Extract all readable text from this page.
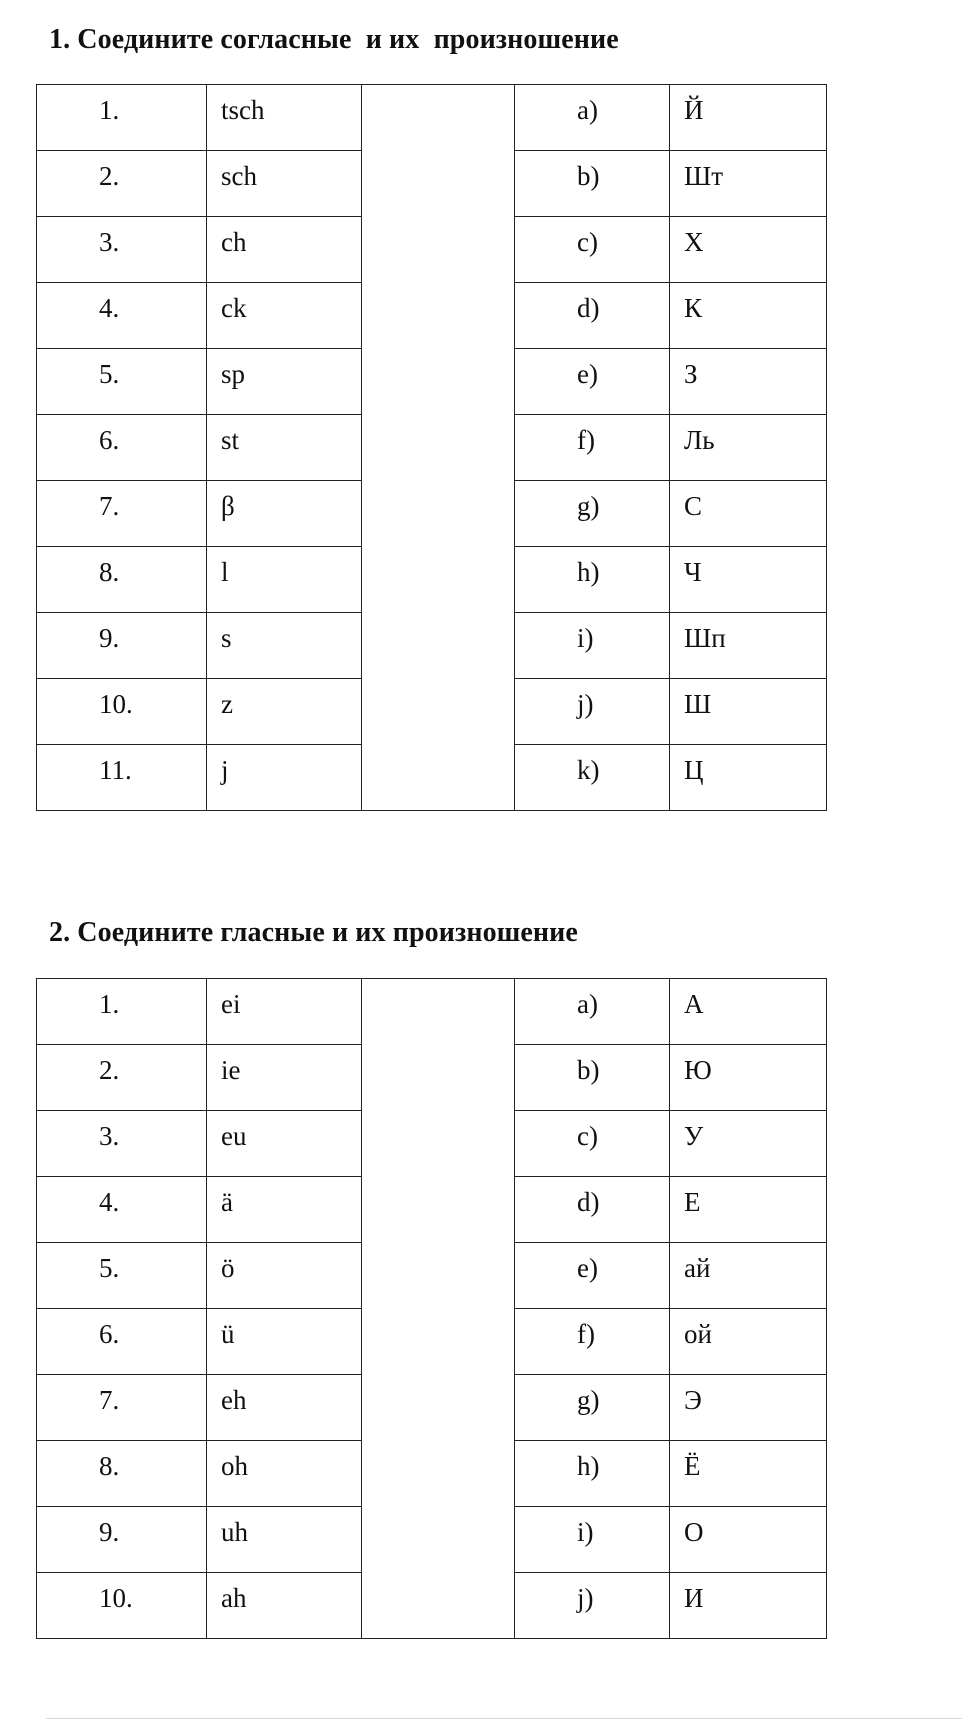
1. Соедините согласные  и их  произношение
1.	tsch		a)	Й
2.	sch		b)	Шт
3.	ch		c)	Х
4.	ck		d)	К
5.	sp		e)	З
6.	st		f)	Ль
7.	β		g)	С
8.	l		h)	Ч
9.	s		i)	Шп
10.	z		j)	Ш
11.	j		k)	Ц
2. Соедините гласные и их произношение
1.	ei		a)	А
2.	ie		b)	Ю
3.	eu		c)	У
4.	ä		d)	Е
5.	ö		e)	ай
6.	ü		f)	ой
7.	eh		g)	Э
8.	oh		h)	Ё
9.	uh		i)	О
10.	ah		j)	И
